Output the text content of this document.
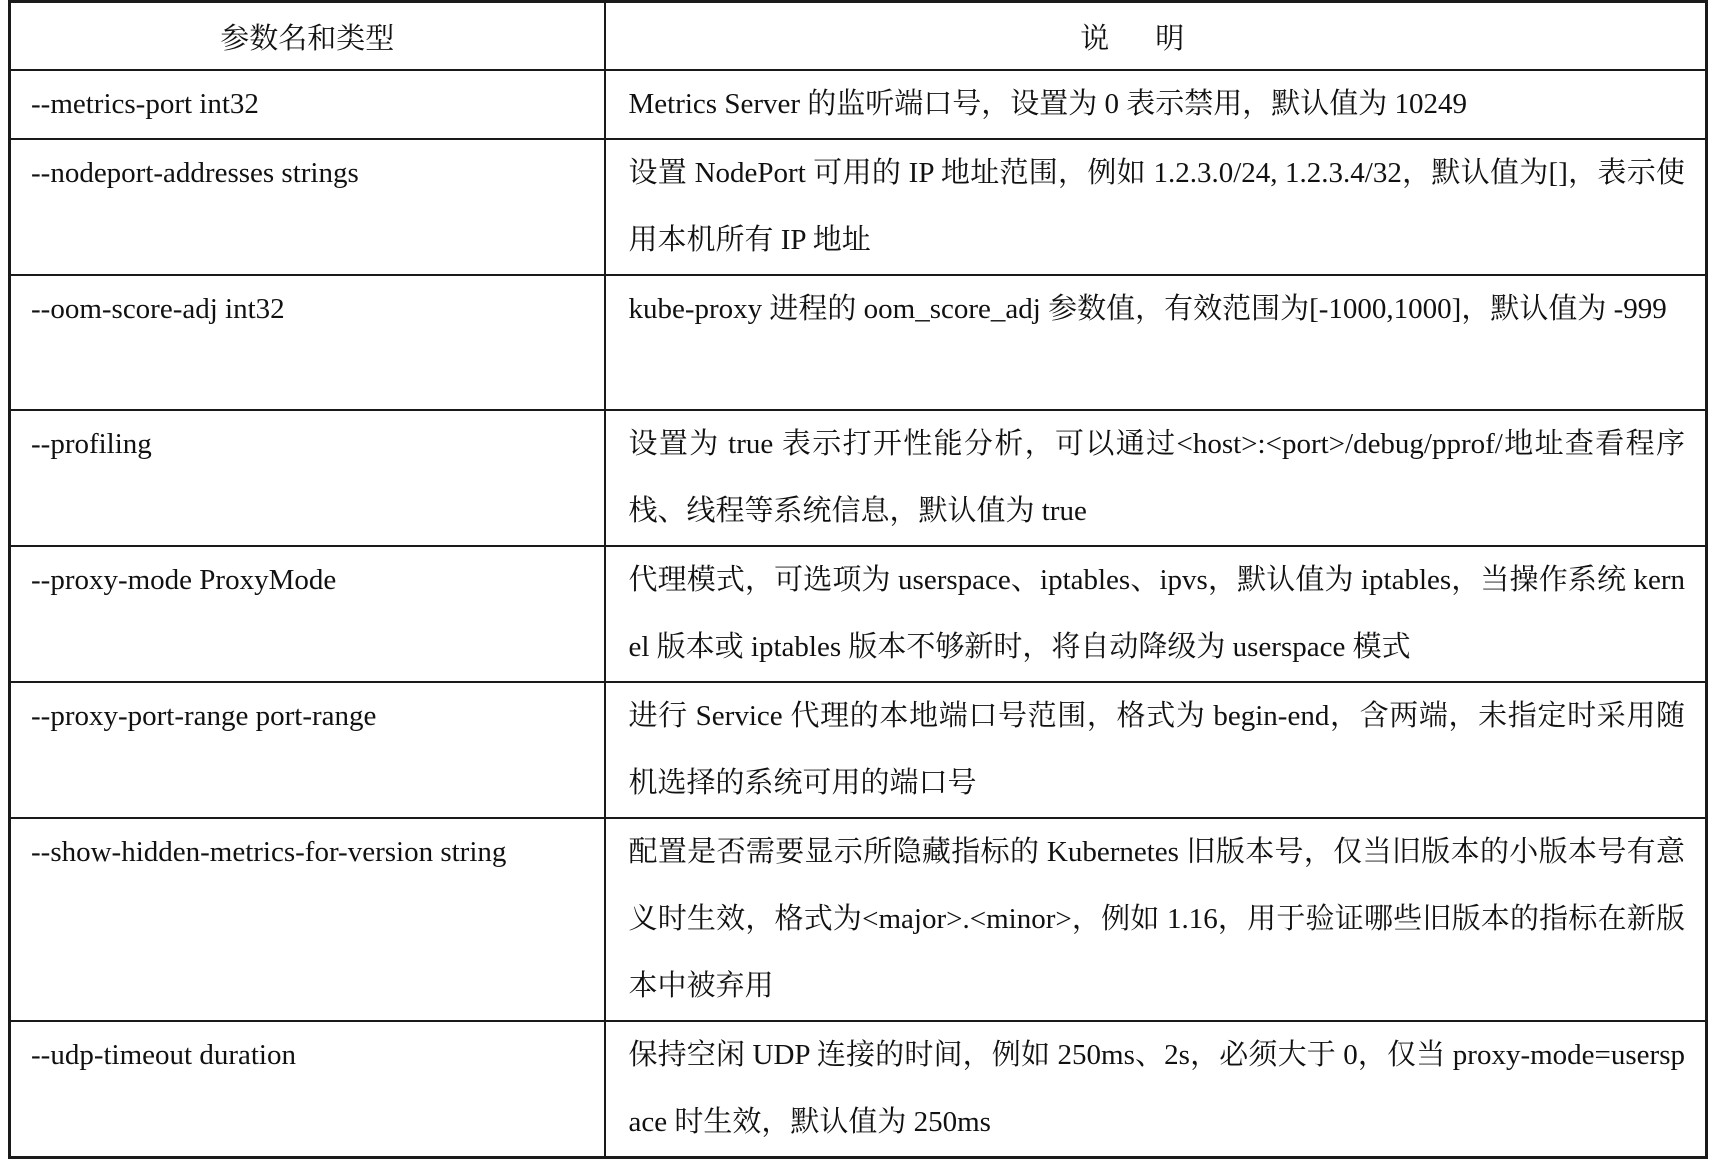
参数名和类型	说明
--metrics-port int32	Metrics Server 的监听端口号，设置为 0 表示禁用，默认值为 10249
--nodeport-addresses strings	设置 NodePort 可用的 IP 地址范围，例如 1.2.3.0/24, 1.2.3.4/32，默认值为[]，表示使用本机所有 IP 地址
--oom-score-adj int32	kube-proxy 进程的 oom_score_adj 参数值，有效范围为[-1000,1000]，默认值为 -999
--profiling	设置为 true 表示打开性能分析，可以通过<host>:<port>/debug/pprof/地址查看程序栈、线程等系统信息，默认值为 true
--proxy-mode ProxyMode	代理模式，可选项为 userspace、iptables、ipvs，默认值为 iptables，当操作系统 kernel 版本或 iptables 版本不够新时，将自动降级为 userspace 模式
--proxy-port-range port-range	进行 Service 代理的本地端口号范围，格式为 begin-end，含两端，未指定时采用随机选择的系统可用的端口号
--show-hidden-metrics-for-version string	配置是否需要显示所隐藏指标的 Kubernetes 旧版本号，仅当旧版本的小版本号有意义时生效，格式为<major>.<minor>，例如 1.16，用于验证哪些旧版本的指标在新版本中被弃用
--udp-timeout duration	保持空闲 UDP 连接的时间，例如 250ms、2s，必须大于 0，仅当 proxy-mode=userspace 时生效，默认值为 250ms
